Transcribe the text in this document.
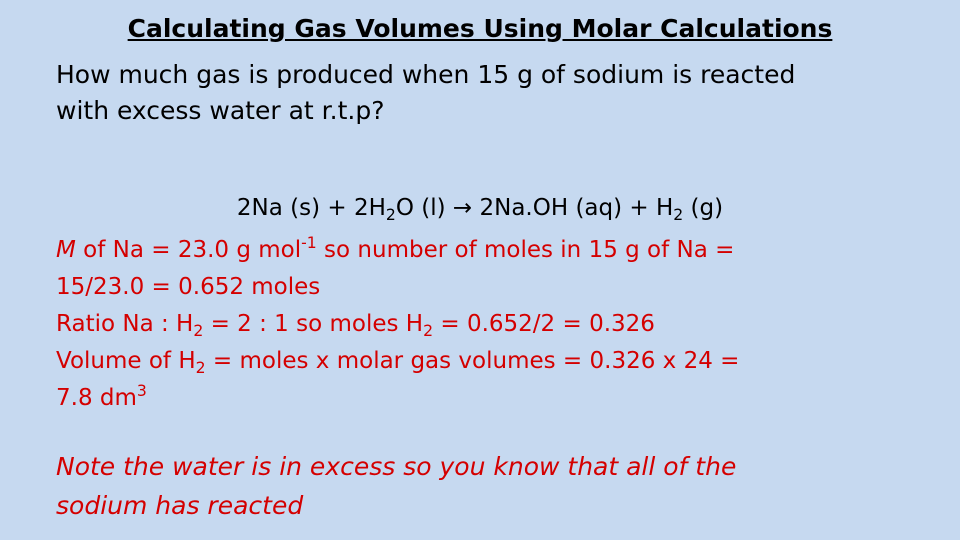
Calculating Gas Volumes Using Molar Calculations
How much gas is produced when 15 g of sodium is reacted
with excess water at r.t.p?
2Na $(s) + 2H_2O$ (l) → 2Na.OH $(aq) + H_2$ (g)
M of Na = 23.0 g mol$^{-1}$ so number of moles in 15 g of Na =
15/23.0 = 0.652 moles
Ratio Na : $H_2 = 2$ : 1 so moles $H_2 = 0.652/2 = 0.326$
Volume of $H_2$ = moles x molar gas volumes = 0.326 x 24 =
7.8 $dm^3$
Note the water is in excess so you know that all of the
sodium has reacted
